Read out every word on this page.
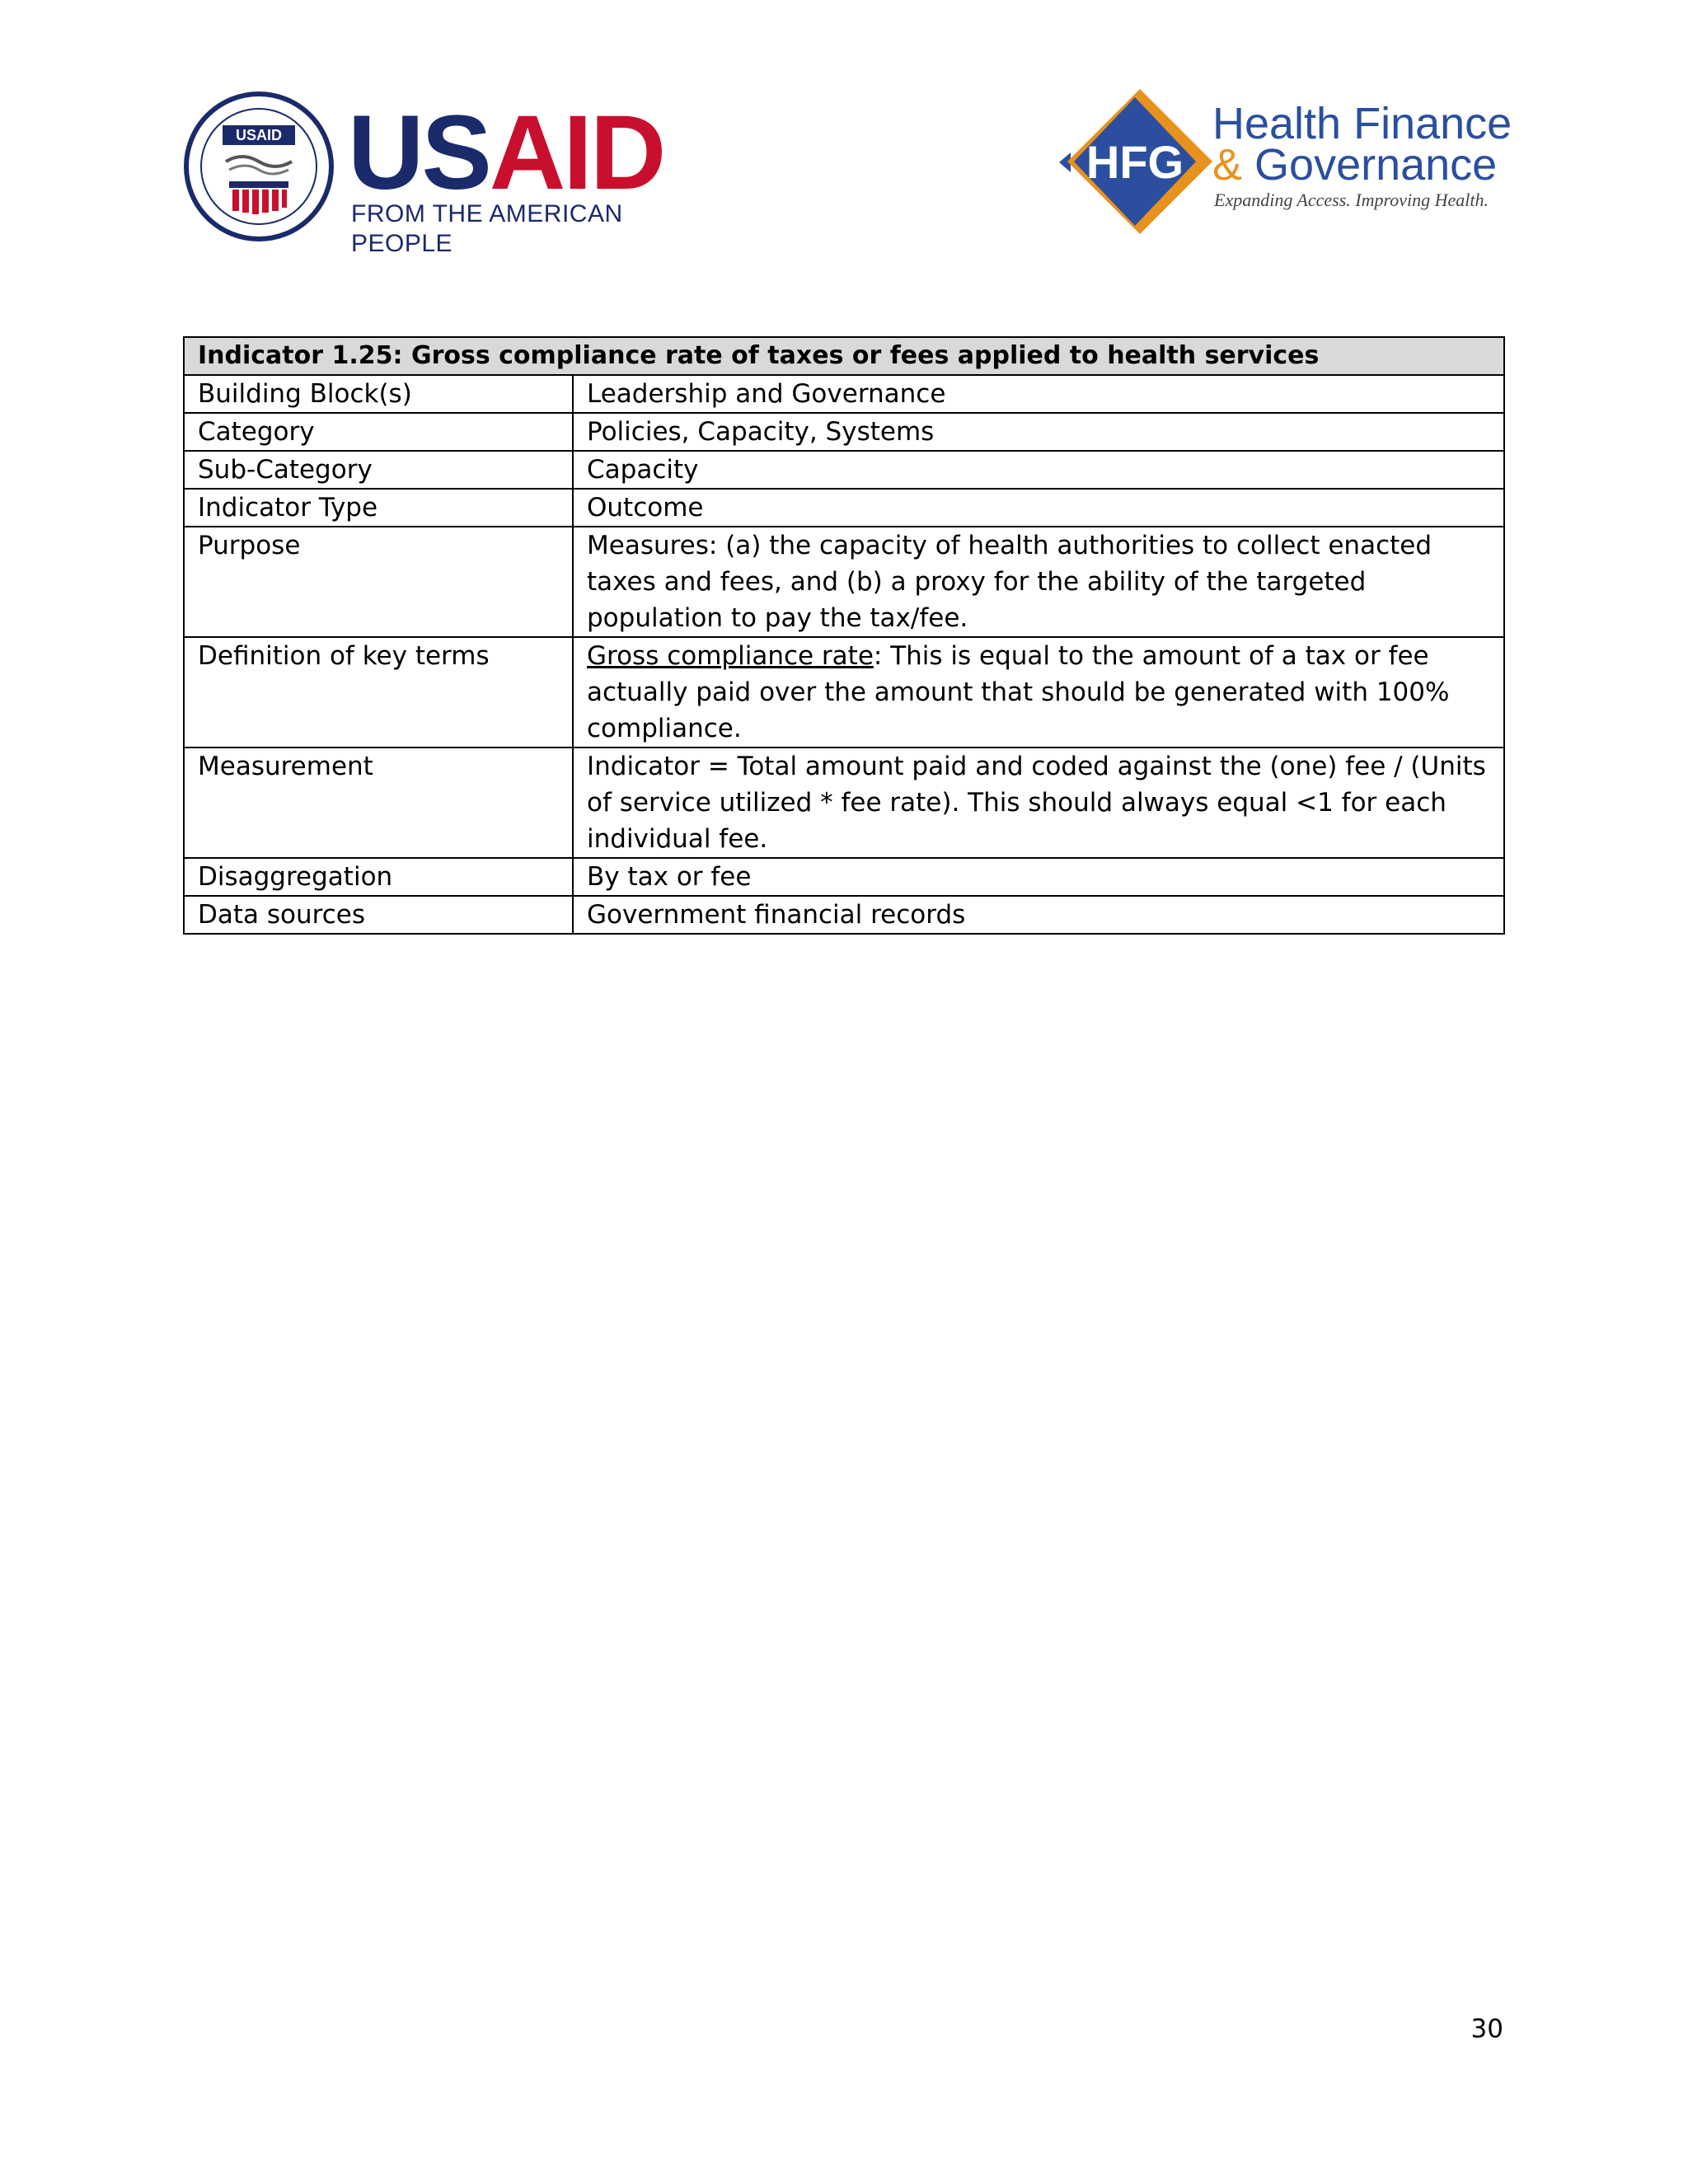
USAID USAID
FROM THE AMERICAN PEOPLE
HFG
Health Finance
& Governance
Expanding Access. Improving Health.
Indicator 1.25: Gross compliance rate of taxes or fees applied to health services	
Building Block(s)	Leadership and Governance
Category	Policies, Capacity, Systems
Sub-Category	Capacity
Indicator Type	Outcome
Purpose	Measures: (a) the capacity of health authorities to collect enacted taxes and fees, and (b) a proxy for the ability of the targeted population to pay the tax/fee.
Definition of key terms	Gross compliance rate: This is equal to the amount of a tax or fee actually paid over the amount that should be generated with 100% compliance.
Measurement	Indicator = Total amount paid and coded against the (one) fee / (Units of service utilized * fee rate). This should always equal <1 for each individual fee.
Disaggregation	By tax or fee
Data sources	Government financial records
30
